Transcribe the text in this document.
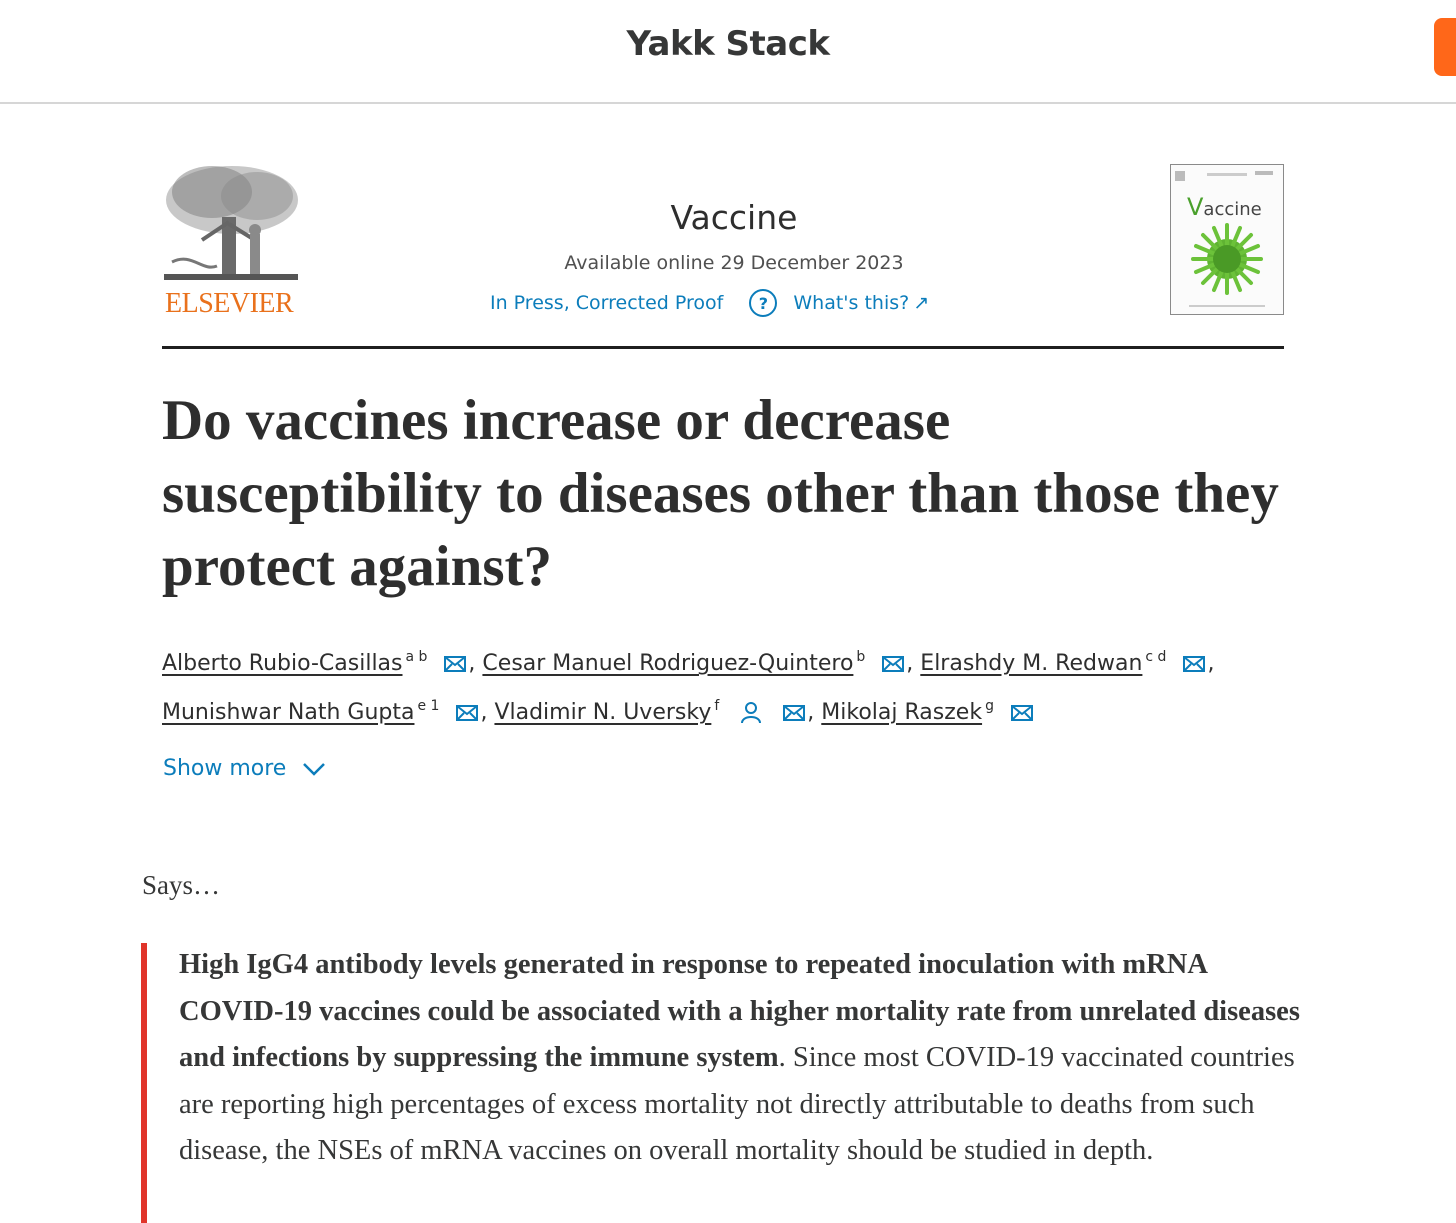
Yakk Stack
ELSEVIER
Vaccine
Available online 29 December 2023
In Press, Corrected Proof	?	What's this? ↗
Vaccine
Do vaccines increase or decrease susceptibility to diseases other than those they protect against?
Alberto Rubio-Casillas $^{a b}$ , Cesar Manuel Rodriguez-Quintero $^b$ , Elrashdy M. Redwan $^{c d}$ ,
Munishwar Nath Gupta $^{e 1}$ , Vladimir N. Uversky $^f$	, Mikolaj Raszek $^g$
Show more

Says…

High IgG4 antibody levels generated in response to repeated inoculation with mRNA COVID-19 vaccines could be associated with a higher mortality rate from unrelated diseases and infections by suppressing the immune system. Since most COVID-19 vaccinated countries are reporting high percentages of excess mortality not directly attributable to deaths from such disease, the NSEs of mRNA vaccines on overall mortality should be studied in depth.
